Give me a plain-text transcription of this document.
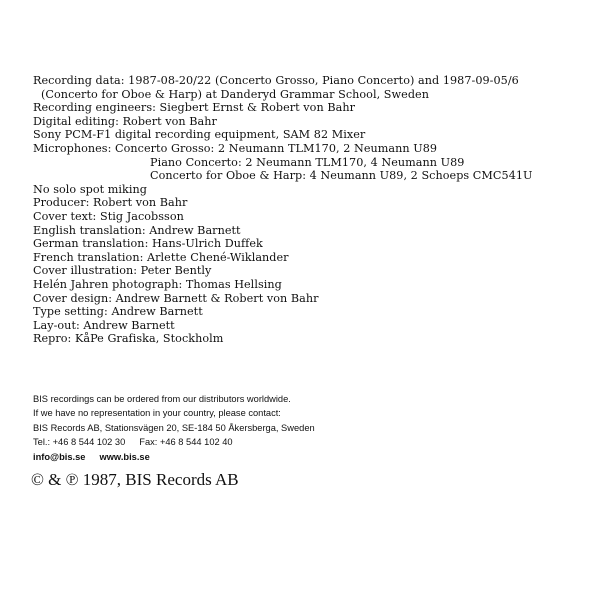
Recording data: 1987-08-20/22 (Concerto Grosso, Piano Concerto) and 1987-09-05/6
(Concerto for Oboe & Harp) at Danderyd Grammar School, Sweden
Recording engineers: Siegbert Ernst & Robert von Bahr
Digital editing: Robert von Bahr
Sony PCM-F1 digital recording equipment, SAM 82 Mixer
Microphones: Concerto Grosso: 2 Neumann TLM170, 2 Neumann U89
Piano Concerto: 2 Neumann TLM170, 4 Neumann U89
Concerto for Oboe & Harp: 4 Neumann U89, 2 Schoeps CMC541U
No solo spot miking
Producer: Robert von Bahr
Cover text: Stig Jacobsson
English translation: Andrew Barnett
German translation: Hans-Ulrich Duffek
French translation: Arlette Chené-Wiklander
Cover illustration: Peter Bently
Helén Jahren photograph: Thomas Hellsing
Cover design: Andrew Barnett & Robert von Bahr
Type setting: Andrew Barnett
Lay-out: Andrew Barnett
Repro: KåPe Grafiska, Stockholm
BIS recordings can be ordered from our distributors worldwide.
If we have no representation in your country, please contact:
BIS Records AB, Stationsvägen 20, SE-184 50 Åkersberga, Sweden
Tel.: +46 8 544 102 30 Fax: +46 8 544 102 40
info@bis.se www.bis.se
© & ℗ 1987, BIS Records AB
